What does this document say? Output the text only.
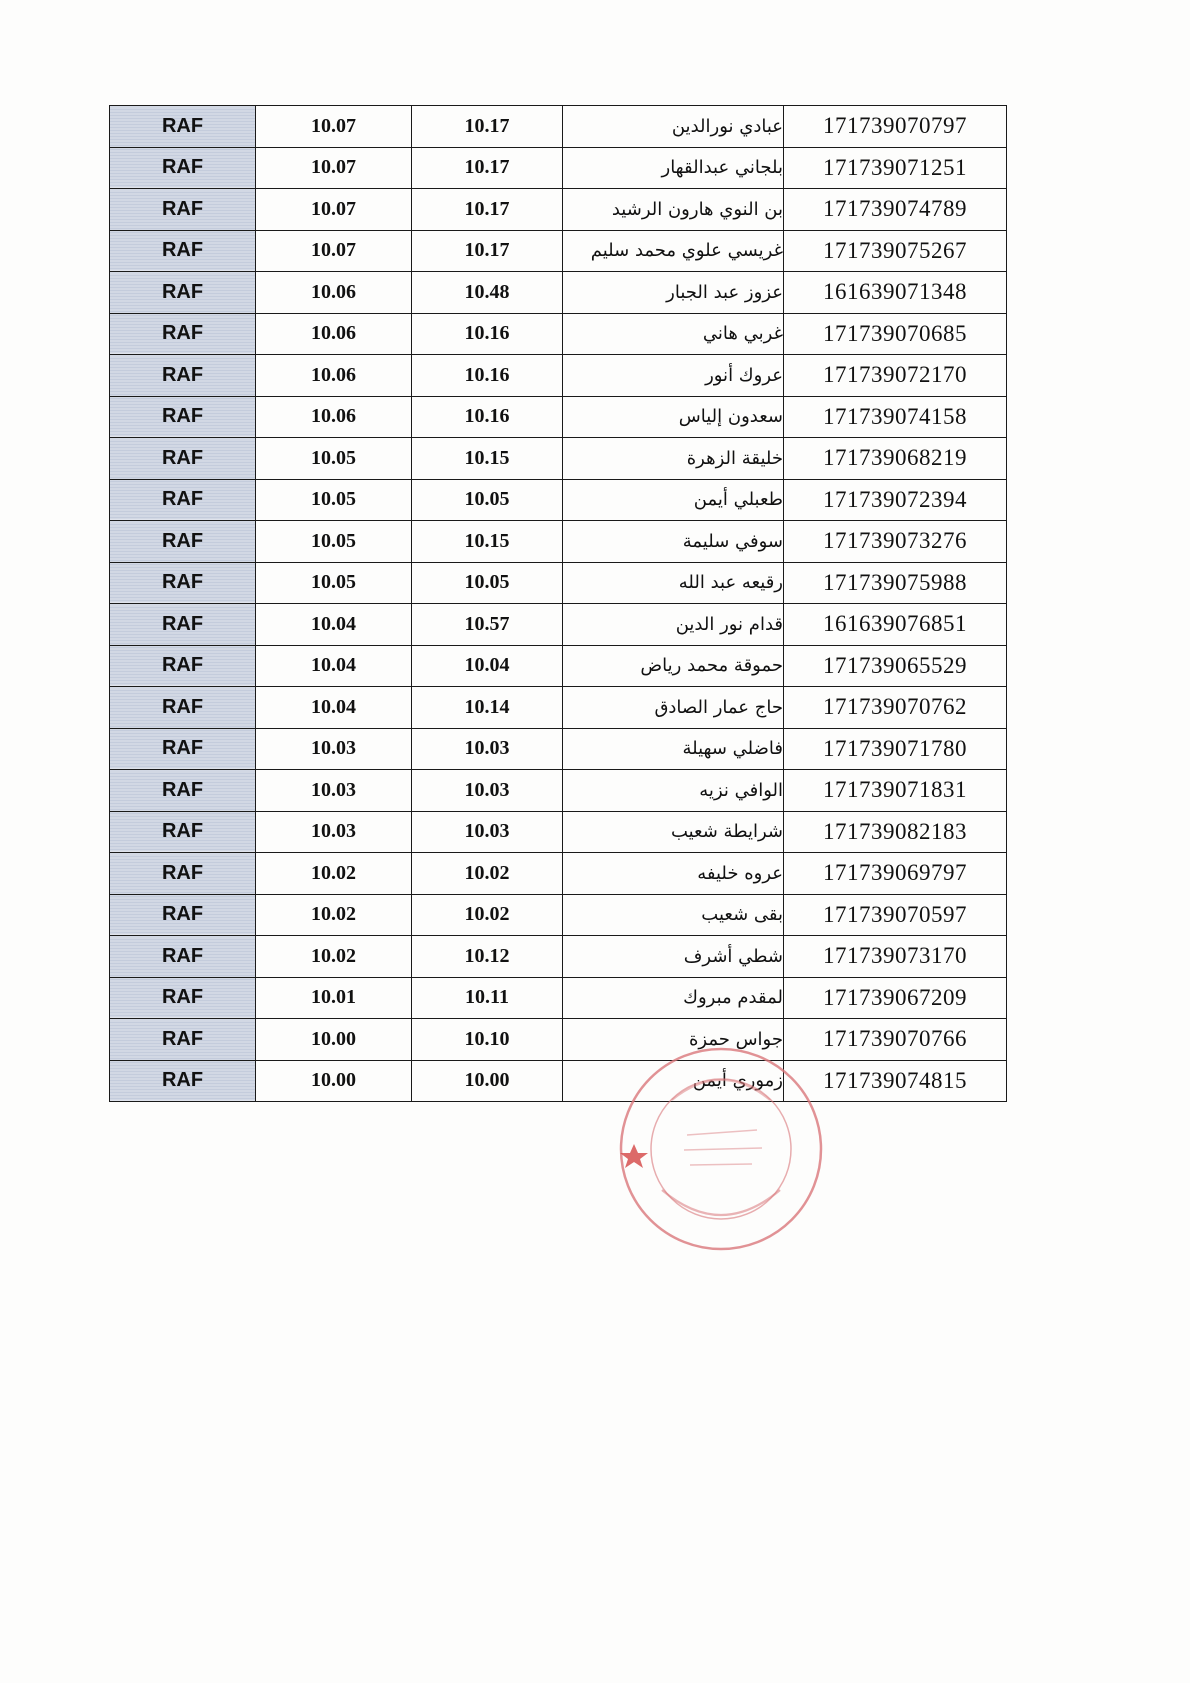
RAF	10.07	10.17	عبادي نورالدين	171739070797
RAF	10.07	10.17	بلجاني عبدالقهار	171739071251
RAF	10.07	10.17	بن النوي هارون الرشيد	171739074789
RAF	10.07	10.17	غريسي علوي محمد سليم	171739075267
RAF	10.06	10.48	عزوز عبد الجبار	161639071348
RAF	10.06	10.16	غربي هاني	171739070685
RAF	10.06	10.16	عروك أنور	171739072170
RAF	10.06	10.16	سعدون إلياس	171739074158
RAF	10.05	10.15	خليقة الزهرة	171739068219
RAF	10.05	10.05	طعبلي أيمن	171739072394
RAF	10.05	10.15	سوفي سليمة	171739073276
RAF	10.05	10.05	رقيعه عبد الله	171739075988
RAF	10.04	10.57	قدام نور الدين	161639076851
RAF	10.04	10.04	حموقة محمد رياض	171739065529
RAF	10.04	10.14	حاج عمار الصادق	171739070762
RAF	10.03	10.03	فاضلي سهيلة	171739071780
RAF	10.03	10.03	الوافي نزيه	171739071831
RAF	10.03	10.03	شرايطة شعيب	171739082183
RAF	10.02	10.02	عروه خليفه	171739069797
RAF	10.02	10.02	بقى شعيب	171739070597
RAF	10.02	10.12	شطي أشرف	171739073170
RAF	10.01	10.11	لمقدم مبروك	171739067209
RAF	10.00	10.10	جواس حمزة	171739070766
RAF	10.00	10.00	زموري أيمن	171739074815
